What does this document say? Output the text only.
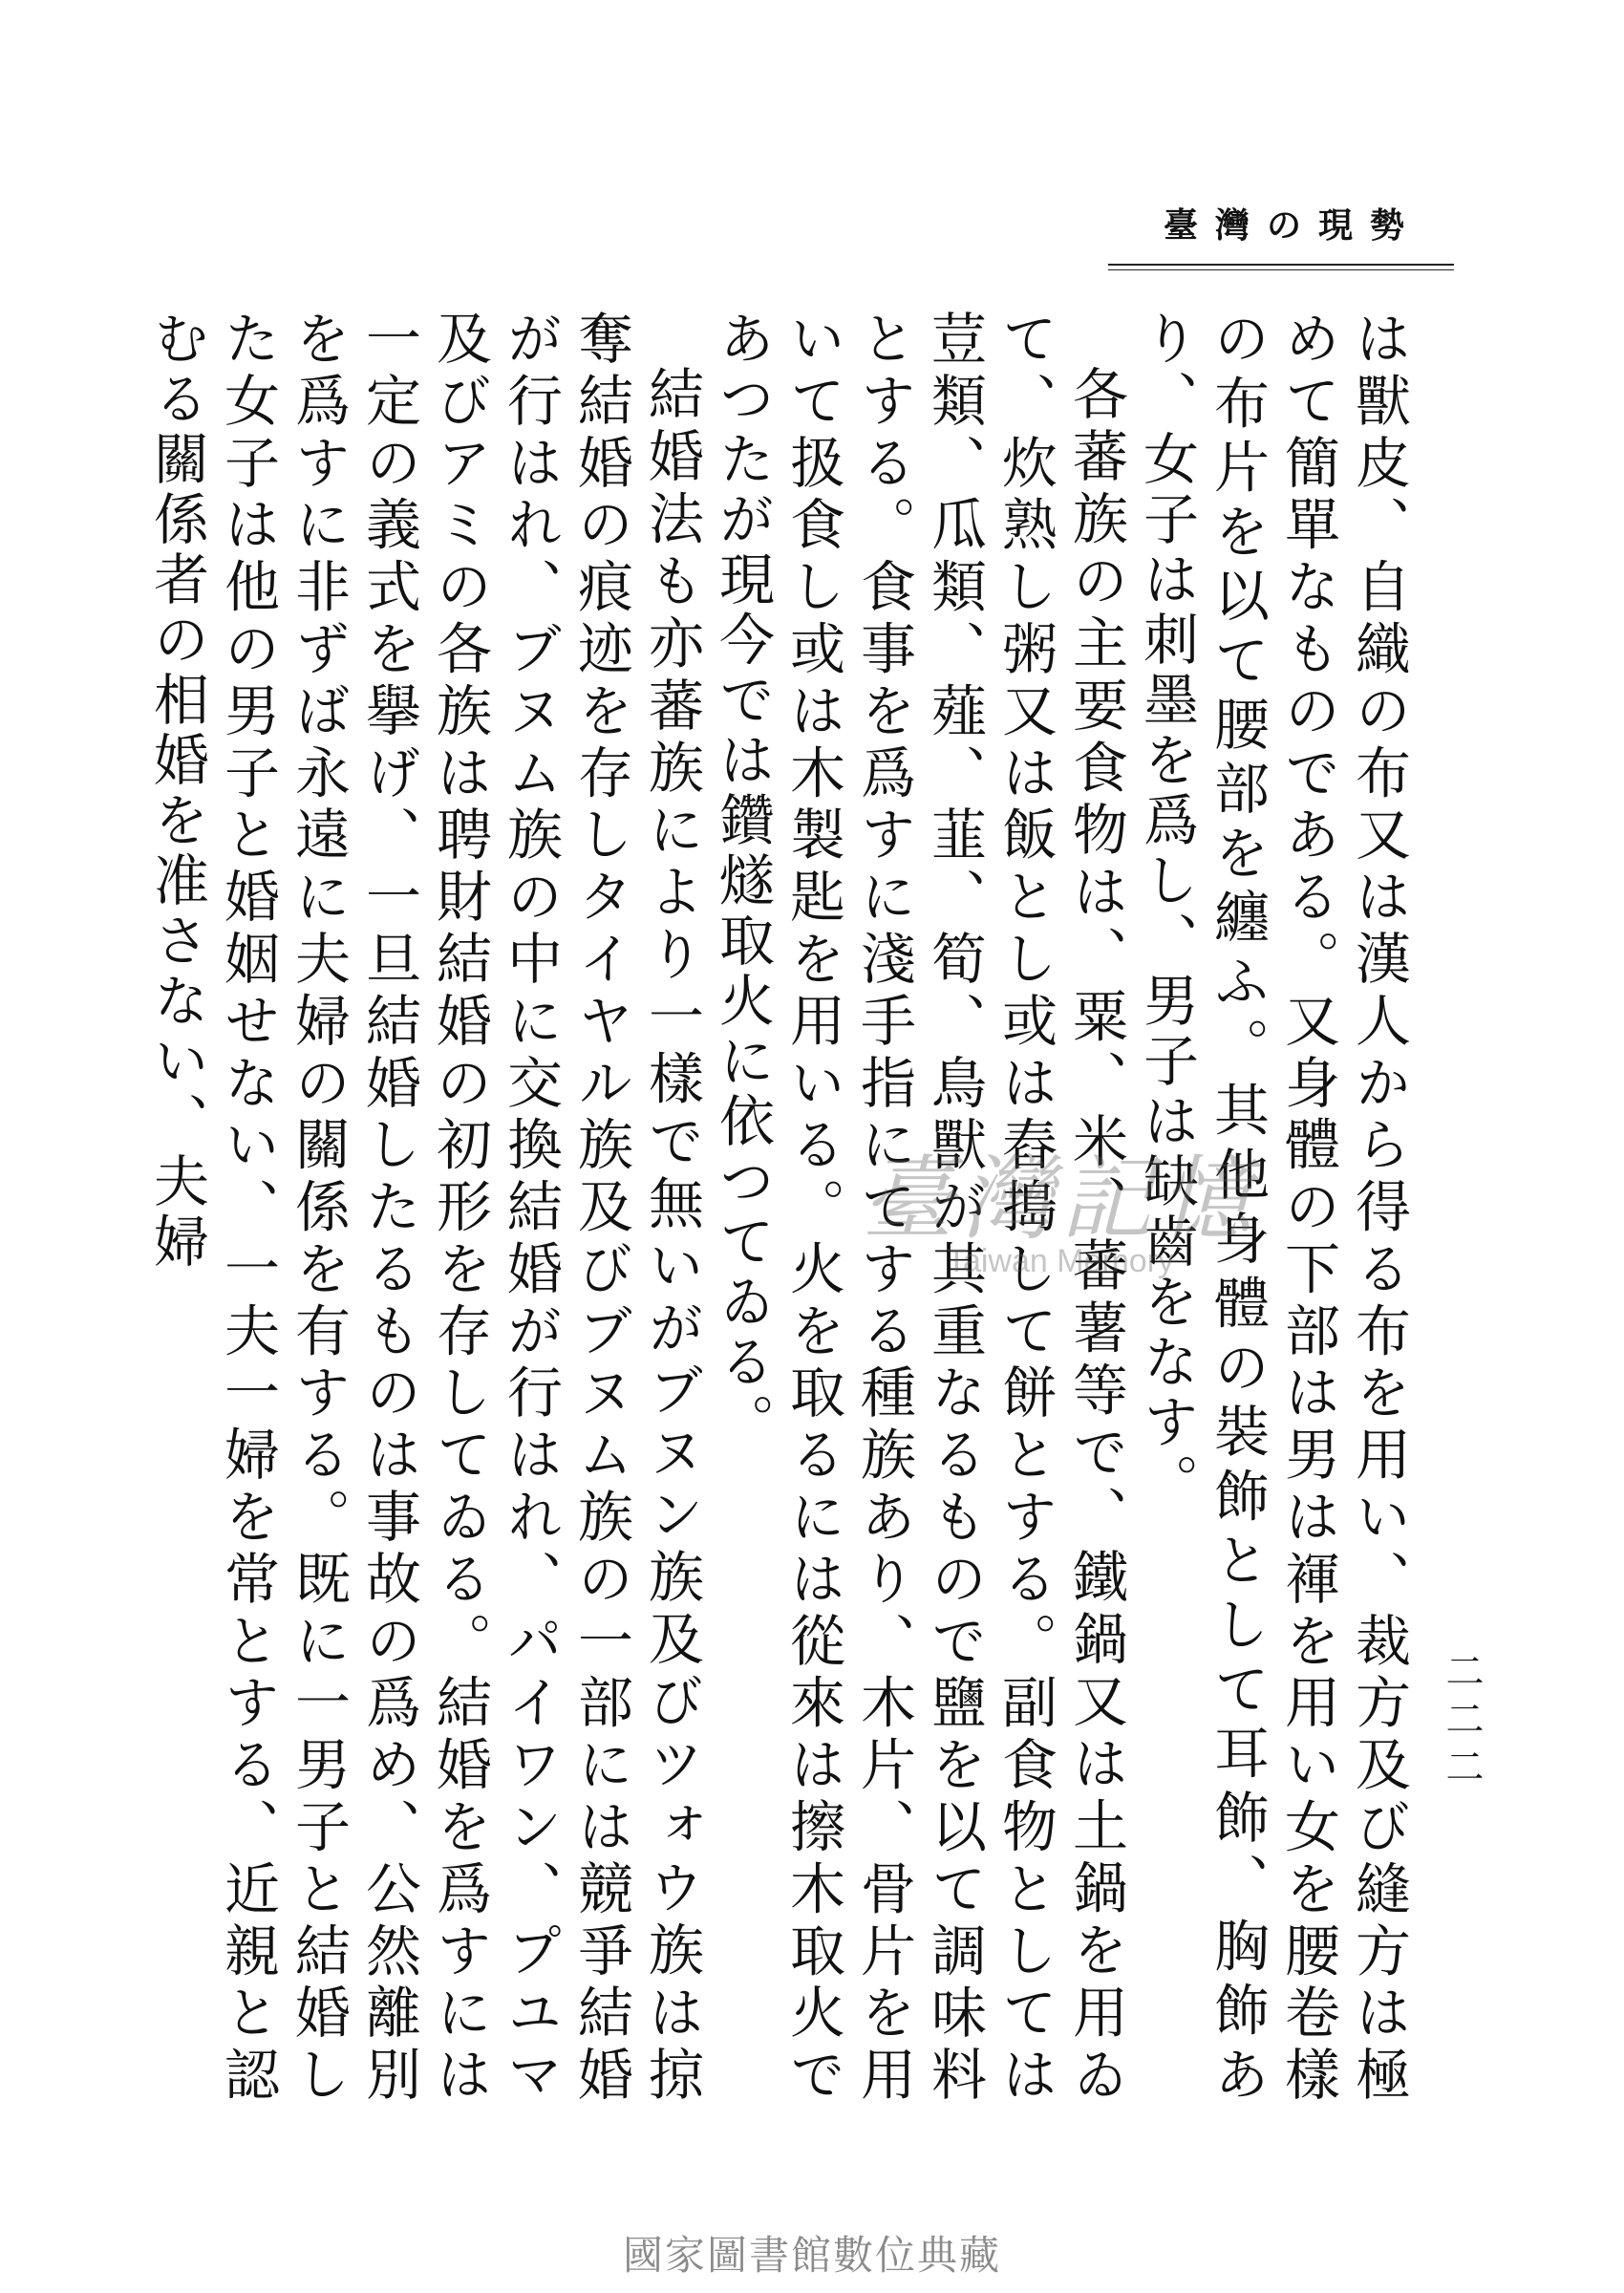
臺灣の現勢
二二二

は獸皮、自織の布又は漢人から得る布を用い、裁方及び縫方は極めて簡單なものである。又身體の下部は男は褌を用い女を腰卷樣の布片を以て腰部を纏ふ。其他身體の裝飾として耳飾、胸飾あり、女子は刺墨を爲し、男子は缺齒をなす。

各蕃族の主要食物は、粟、米、蕃薯等で、鐵鍋又は土鍋を用ゐて、炊熟し粥又は飯とし或は舂搗して餅とする。副食物としては荳類、瓜類、薤、韮、筍、鳥獸が其重なるもので鹽を以て調味料とする。食事を爲すに淺手指にてする種族あり、木片、骨片を用いて扱食し或は木製匙を用いる。火を取るには從來は擦木取火であつたが現今では鑽燧取火に依つてゐる。

結婚法も亦蕃族により一樣で無いがブヌン族及びツォウ族は掠奪結婚の痕迹を存しタイヤル族及びブヌム族の一部には競爭結婚が行はれ、ブヌム族の中に交換結婚が行はれ、パイワン、プユマ及びアミの各族は聘財結婚の初形を存してゐる。結婚を爲すには一定の義式を擧げ、一旦結婚したるものは事故の爲め、公然離別を爲すに非ずば永遠に夫婦の關係を有する。既に一男子と結婚した女子は他の男子と婚姻せない、一夫一婦を常とする、近親と認むる關係者の相婚を准さない、夫婦	臺灣記憶
Taiwan Memory
國家圖書館數位典藏
